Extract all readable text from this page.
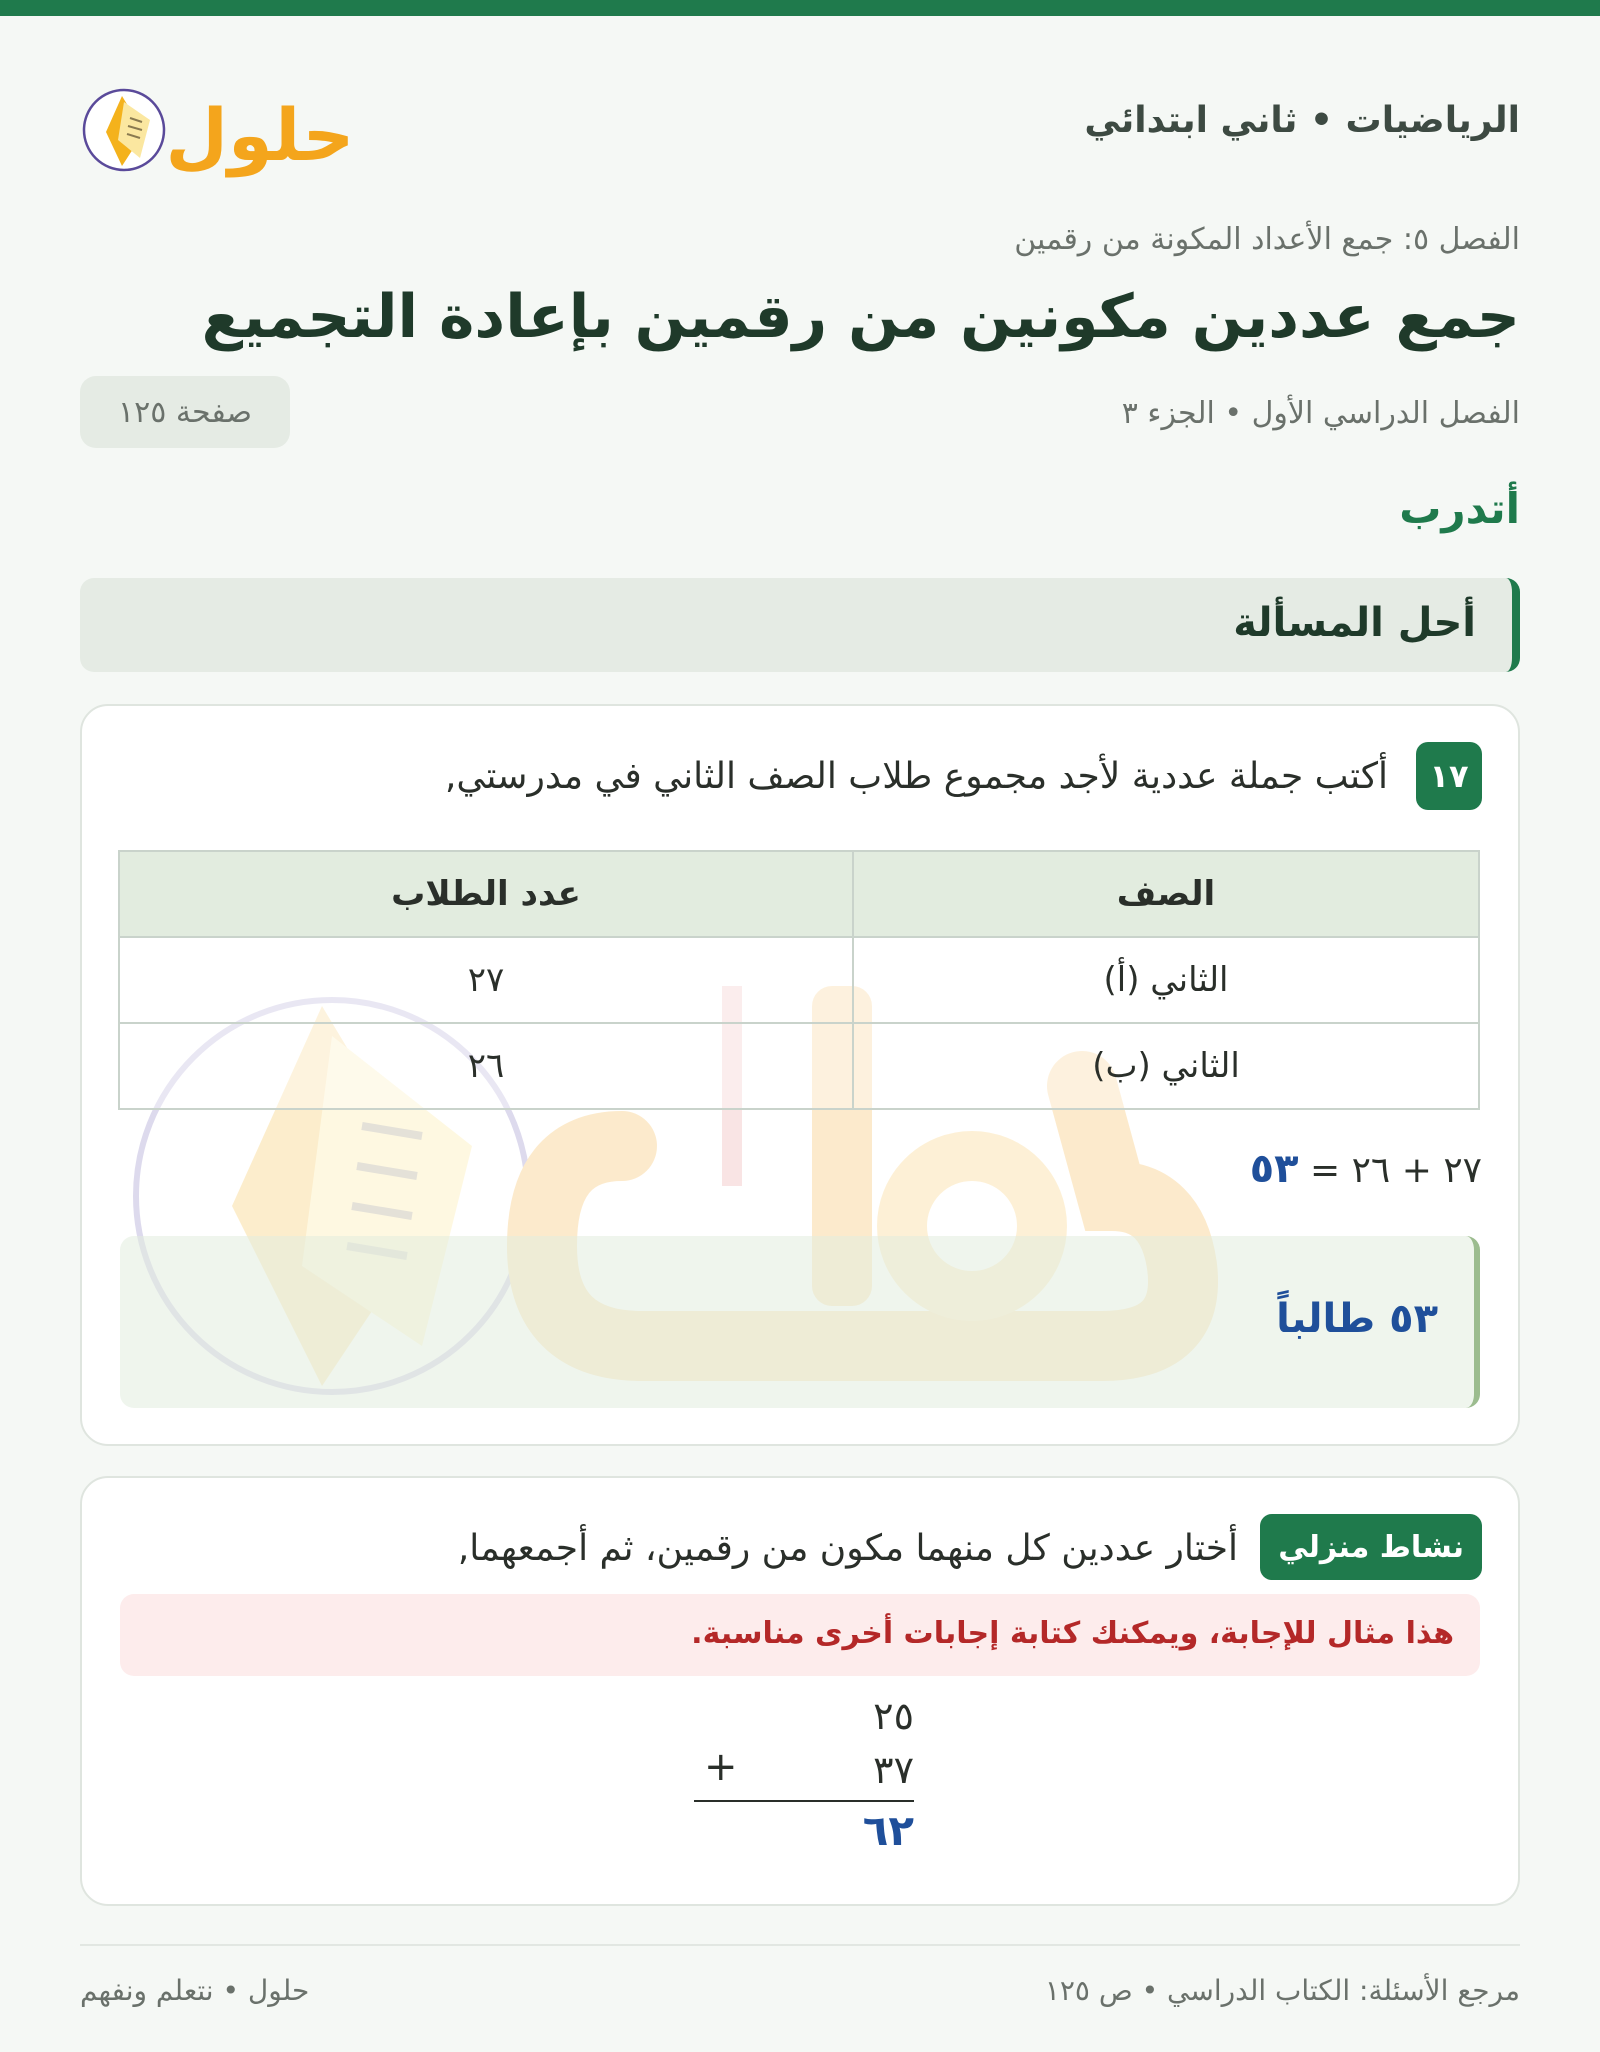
الرياضيات • ثاني ابتدائي
حلول
الفصل ٥: جمع الأعداد المكونة من رقمين
جمع عددين مكونين من رقمين بإعادة التجميع
الفصل الدراسي الأول • الجزء ٣
صفحة ١٢٥
أتدرب
أحل المسألة
١٧
أكتب جملة عددية لأجد مجموع طلاب الصف الثاني في مدرستي,
الصف	عدد الطلاب
الثاني (أ)	٢٧
الثاني (ب)	٢٦
٢٧ + ٢٦ = ٥٣
٥٣ طالباً
نشاط منزلي
أختار عددين كل منهما مكون من رقمين، ثم أجمعهما,
هذا مثال للإجابة، ويمكنك كتابة إجابات أخرى مناسبة.
٢٥
٣٧
+
٦٢
مرجع الأسئلة: الكتاب الدراسي • ص ١٢٥
حلول • نتعلم ونفهم
